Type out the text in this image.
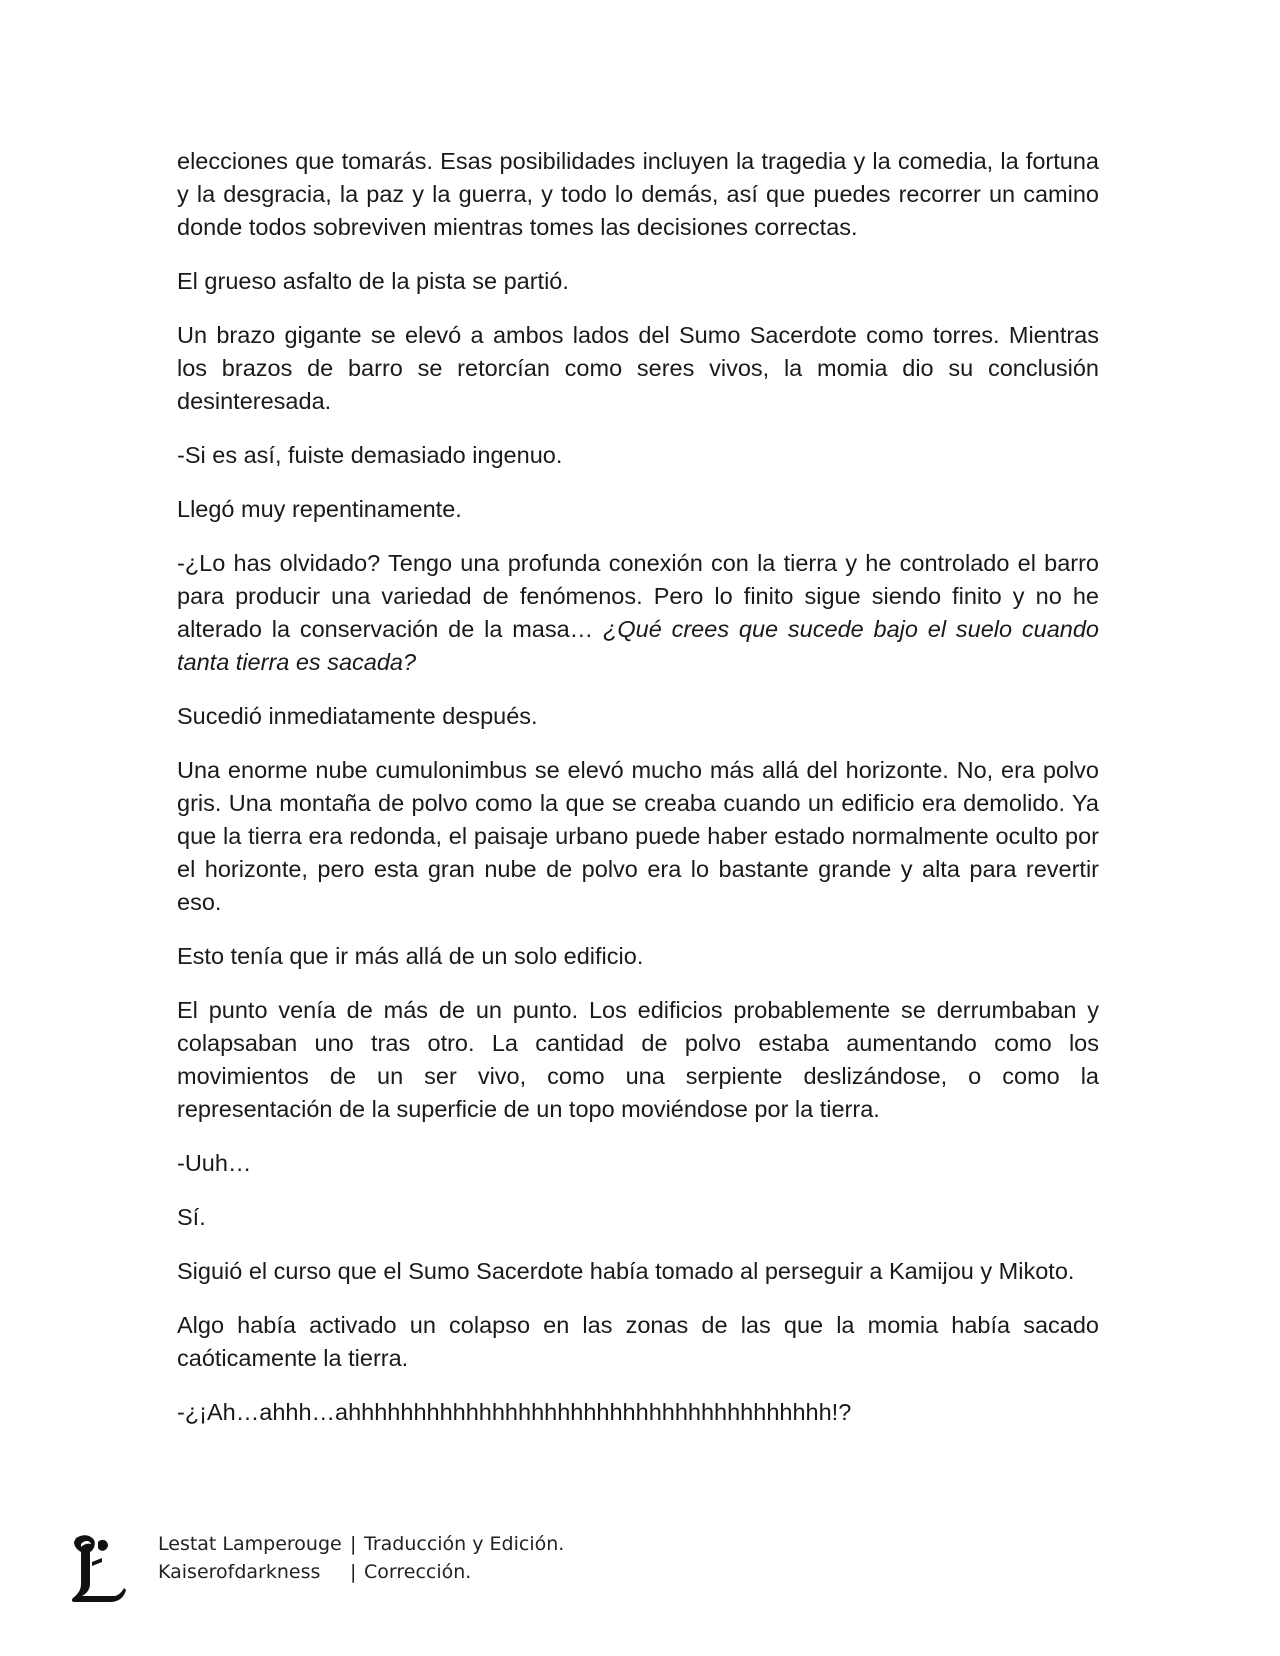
elecciones que tomarás. Esas posibilidades incluyen la tragedia y la comedia, la fortuna y la desgracia, la paz y la guerra, y todo lo demás, así que puedes recorrer un camino donde todos sobreviven mientras tomes las decisiones correctas.

El grueso asfalto de la pista se partió.

Un brazo gigante se elevó a ambos lados del Sumo Sacerdote como torres. Mientras los brazos de barro se retorcían como seres vivos, la momia dio su conclusión desinteresada.

-Si es así, fuiste demasiado ingenuo.

Llegó muy repentinamente.

-¿Lo has olvidado? Tengo una profunda conexión con la tierra y he controlado el barro para producir una variedad de fenómenos. Pero lo finito sigue siendo finito y no he alterado la conservación de la masa… ¿Qué crees que sucede bajo el suelo cuando tanta tierra es sacada?

Sucedió inmediatamente después.

Una enorme nube cumulonimbus se elevó mucho más allá del horizonte. No, era polvo gris. Una montaña de polvo como la que se creaba cuando un edificio era demolido. Ya que la tierra era redonda, el paisaje urbano puede haber estado normalmente oculto por el horizonte, pero esta gran nube de polvo era lo bastante grande y alta para revertir eso.

Esto tenía que ir más allá de un solo edificio.

El punto venía de más de un punto. Los edificios probablemente se derrumbaban y colapsaban uno tras otro. La cantidad de polvo estaba aumentando como los movimientos de un ser vivo, como una serpiente deslizándose, o como la representación de la superficie de un topo moviéndose por la tierra.

-Uuh…

Sí.

Siguió el curso que el Sumo Sacerdote había tomado al perseguir a Kamijou y Mikoto.

Algo había activado un colapso en las zonas de las que la momia había sacado caóticamente la tierra.

-¿¡Ah…ahhh…ahhhhhhhhhhhhhhhhhhhhhhhhhhhhhhhhhhhhh!?

Lestat Lamperouge | Traducción y Edición.
Kaiserofdarkness	| Corrección.
